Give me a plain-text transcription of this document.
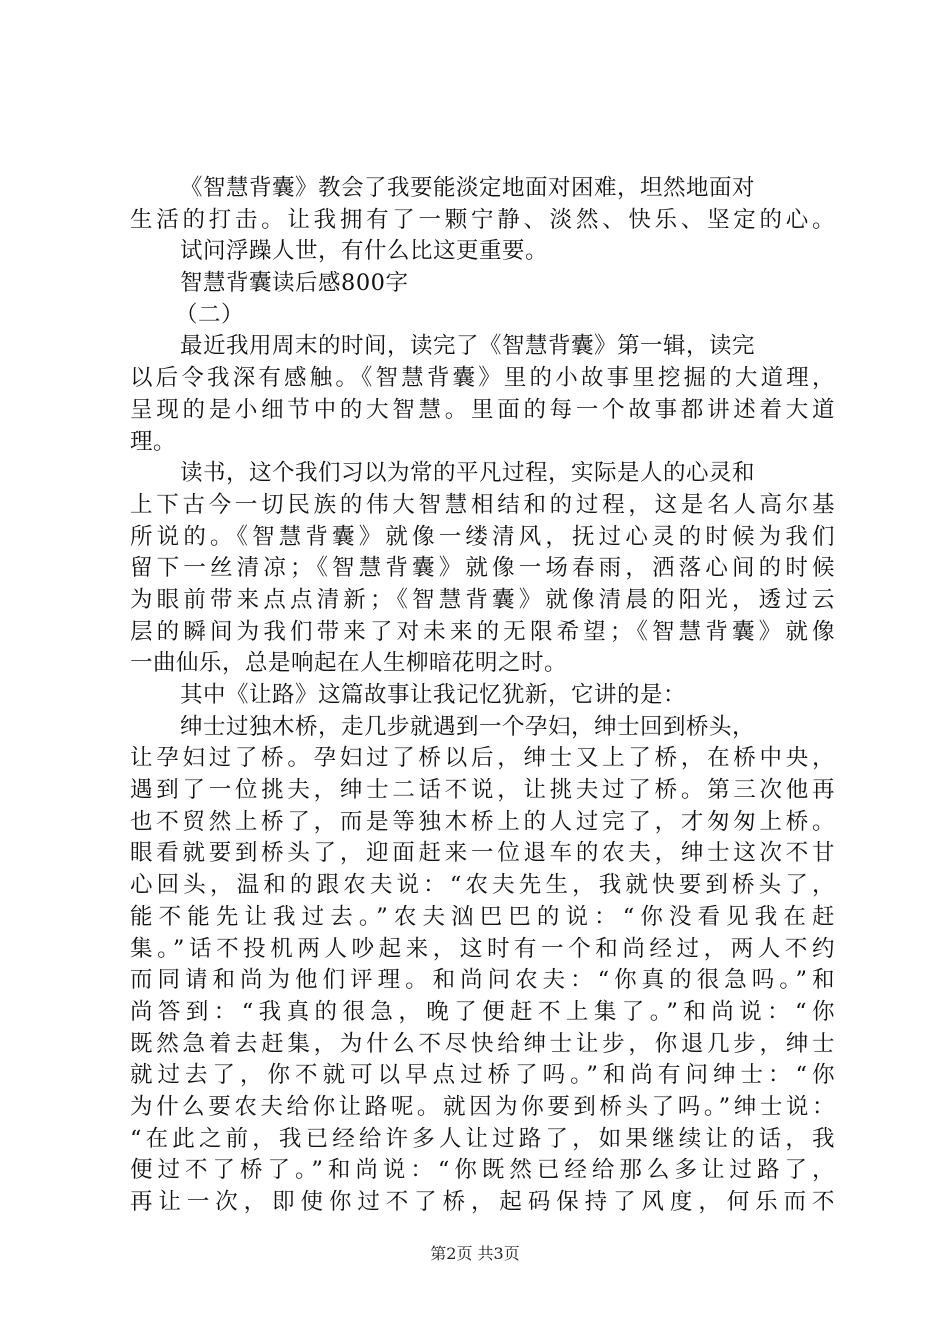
《智慧背囊》教会了我要能淡定地面对困难，坦然地面对
生活的打击。让我拥有了一颗宁静、淡然、快乐、坚定的心。
试问浮躁人世，有什么比这更重要。
智慧背囊读后感800字
（二）
最近我用周末的时间，读完了《智慧背囊》第一辑，读完
以后令我深有感触。《智慧背囊》里的小故事里挖掘的大道理，
呈现的是小细节中的大智慧。里面的每一个故事都讲述着大道
理。
读书，这个我们习以为常的平凡过程，实际是人的心灵和
上下古今一切民族的伟大智慧相结和的过程，这是名人高尔基
所说的。《智慧背囊》就像一缕清风，抚过心灵的时候为我们
留下一丝清凉；《智慧背囊》就像一场春雨，洒落心间的时候
为眼前带来点点清新；《智慧背囊》就像清晨的阳光，透过云
层的瞬间为我们带来了对未来的无限希望；《智慧背囊》就像
一曲仙乐，总是响起在人生柳暗花明之时。
其中《让路》这篇故事让我记忆犹新，它讲的是：
绅士过独木桥，走几步就遇到一个孕妇，绅士回到桥头，
让孕妇过了桥。孕妇过了桥以后，绅士又上了桥，在桥中央，
遇到了一位挑夫，绅士二话不说，让挑夫过了桥。第三次他再
也不贸然上桥了，而是等独木桥上的人过完了，才匆匆上桥。
眼看就要到桥头了，迎面赶来一位退车的农夫，绅士这次不甘
心回头，温和的跟农夫说：“农夫先生，我就快要到桥头了，
能不能先让我过去。”农夫汹巴巴的说：“你没看见我在赶
集。”话不投机两人吵起来，这时有一个和尚经过，两人不约
而同请和尚为他们评理。和尚问农夫：“你真的很急吗。”和
尚答到：“我真的很急，晚了便赶不上集了。”和尚说：“你
既然急着去赶集，为什么不尽快给绅士让步，你退几步，绅士
就过去了，你不就可以早点过桥了吗。”和尚有问绅士：“你
为什么要农夫给你让路呢。就因为你要到桥头了吗。”绅士说：
“在此之前，我已经给许多人让过路了，如果继续让的话，我
便过不了桥了。”和尚说：“你既然已经给那么多让过路了，
再让一次，即使你过不了桥，起码保持了风度，何乐而不
第2页 共3页
